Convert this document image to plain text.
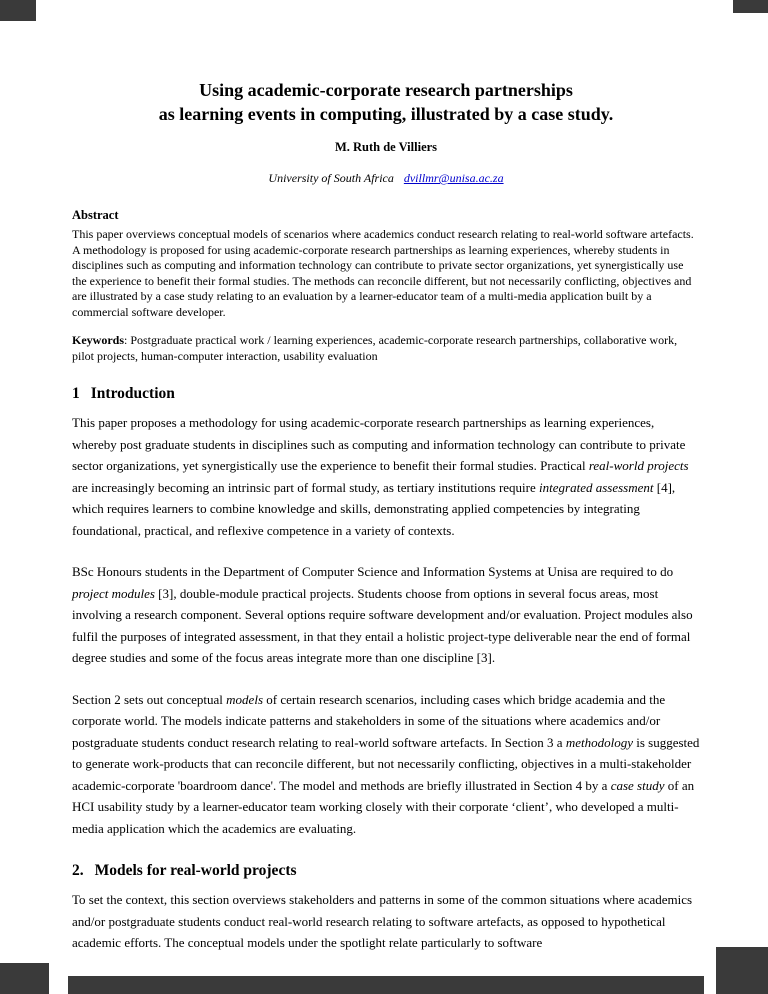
Using academic-corporate research partnerships
as learning events in computing, illustrated by a case study.
M. Ruth de Villiers
University of South Africa dvillmr@unisa.ac.za
Abstract

This paper overviews conceptual models of scenarios where academics conduct research relating to real-world software artefacts. A methodology is proposed for using academic-corporate research partnerships as learning experiences, whereby students in disciplines such as computing and information technology can contribute to private sector organizations, yet synergistically use the experience to benefit their formal studies. The methods can reconcile different, but not necessarily conflicting, objectives and are illustrated by a case study relating to an evaluation by a learner-educator team of a multi-media application built by a commercial software developer.

Keywords: Postgraduate practical work / learning experiences, academic-corporate research partnerships, collaborative work, pilot projects, human-computer interaction, usability evaluation

1 Introduction

This paper proposes a methodology for using academic-corporate research partnerships as learning experiences, whereby post graduate students in disciplines such as computing and information technology can contribute to private sector organizations, yet synergistically use the experience to benefit their formal studies. Practical real-world projects are increasingly becoming an intrinsic part of formal study, as tertiary institutions require integrated assessment [4], which requires learners to combine knowledge and skills, demonstrating applied competencies by integrating foundational, practical, and reflexive competence in a variety of contexts.

BSc Honours students in the Department of Computer Science and Information Systems at Unisa are required to do project modules [3], double-module practical projects. Students choose from options in several focus areas, most involving a research component. Several options require software development and/or evaluation. Project modules also fulfil the purposes of integrated assessment, in that they entail a holistic project-type deliverable near the end of formal degree studies and some of the focus areas integrate more than one discipline [3].

Section 2 sets out conceptual models of certain research scenarios, including cases which bridge academia and the corporate world. The models indicate patterns and stakeholders in some of the situations where academics and/or postgraduate students conduct research relating to real-world software artefacts. In Section 3 a methodology is suggested to generate work-products that can reconcile different, but not necessarily conflicting, objectives in a multi-stakeholder academic-corporate 'boardroom dance'. The model and methods are briefly illustrated in Section 4 by a case study of an HCI usability study by a learner-educator team working closely with their corporate ‘client’, who developed a multi-media application which the academics are evaluating.

2. Models for real-world projects

To set the context, this section overviews stakeholders and patterns in some of the common situations where academics and/or postgraduate students conduct real-world research relating to software artefacts, as opposed to hypothetical academic efforts. The conceptual models under the spotlight relate particularly to software
